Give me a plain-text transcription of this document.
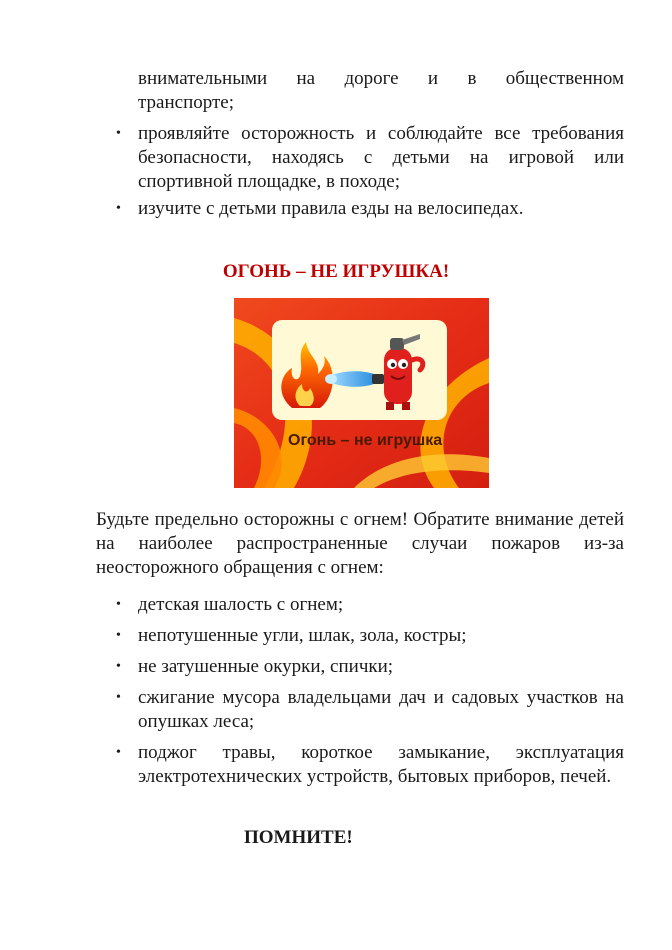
внимательными на дороге и в общественном
транспорте;
• проявляйте осторожность и соблюдайте все требования безопасности, находясь с детьми на игровой или спортивной площадке, в походе;
• изучите с детьми правила езды на велосипедах.
ОГОНЬ – НЕ ИГРУШКА!
Огонь – не игрушка

Будьте предельно осторожны с огнем! Обратите внимание детей на наиболее распространенные случаи пожаров из-за неосторожного обращения с огнем:

• детская шалость с огнем;
• непотушенные угли, шлак, зола, костры;
• не затушенные окурки, спички;
• сжигание мусора владельцами дач и садовых участков на опушках леса;
• поджог травы, короткое замыкание, эксплуатация электротехнических устройств, бытовых приборов, печей.
ПОМНИТЕ!
